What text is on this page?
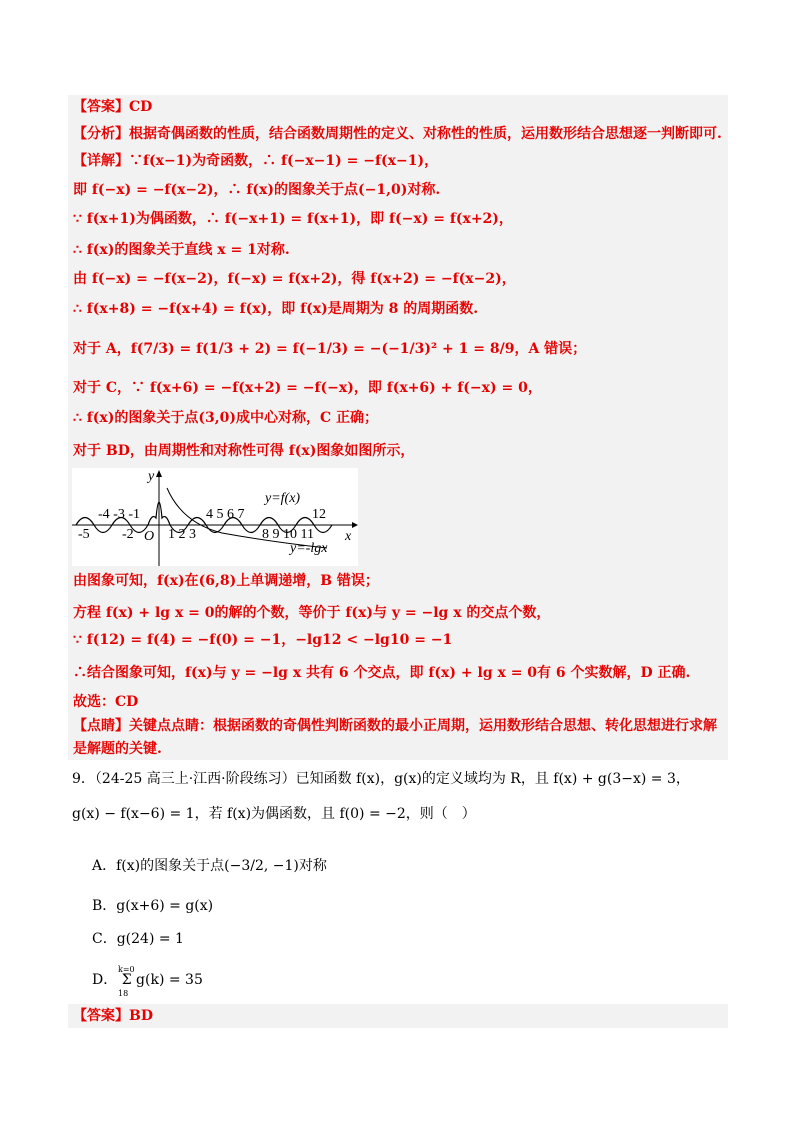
【答案】CD
【分析】根据奇偶函数的性质，结合函数周期性的定义、对称性的性质，运用数形结合思想逐一判断即可.
【详解】∵f(x−1)为奇函数，∴ f(−x−1) = −f(x−1)，
即 f(−x) = −f(x−2)，∴ f(x)的图象关于点(−1,0)对称.
∵ f(x+1)为偶函数，∴ f(−x+1) = f(x+1)，即 f(−x) = f(x+2)，
∴ f(x)的图象关于直线 x = 1对称.
由 f(−x) = −f(x−2)，f(−x) = f(x+2)，得 f(x+2) = −f(x−2)，
∴ f(x+8) = −f(x+4) = f(x)，即 f(x)是周期为 8 的周期函数.
对于 A，f(7/3) = f(1/3 + 2) = f(−1/3) = −(−1/3)² + 1 = 8/9，A 错误；
对于 C，∵ f(x+6) = −f(x+2) = −f(−x)，即 f(x+6) + f(−x) = 0，
∴ f(x)的图象关于点(3,0)成中心对称，C 正确；
对于 BD，由周期性和对称性可得 f(x)图象如图所示，
y
x
O
y=f(x)
y=-lgx
-4 -3 -1	4 5 6 7	12
-5 -2 1 2 3	8 9 10 11
由图象可知，f(x)在(6,8)上单调递增，B 错误；
方程 f(x) + lg x = 0的解的个数，等价于 f(x)与 y = −lg x 的交点个数，
∵ f(12) = f(4) = −f(0) = −1，−lg12 < −lg10 = −1
∴结合图象可知，f(x)与 y = −lg x 共有 6 个交点，即 f(x) + lg x = 0有 6 个实数解，D 正确.
故选：CD
【点睛】关键点点睛：根据函数的奇偶性判断函数的最小正周期，运用数形结合思想、转化思想进行求解
是解题的关键.
9．（24-25 高三上·江西·阶段练习）已知函数 f(x)，g(x)的定义域均为 R，且 f(x) + g(3−x) = 3，
g(x) − f(x−6) = 1，若 f(x)为偶函数，且 f(0) = −2，则（　）
A．f(x)的图象关于点(−3/2, −1)对称
B．g(x+6) = g(x)
C．g(24) = 1
D．
k=0
18
Σ g(k) = 35
【答案】BD
